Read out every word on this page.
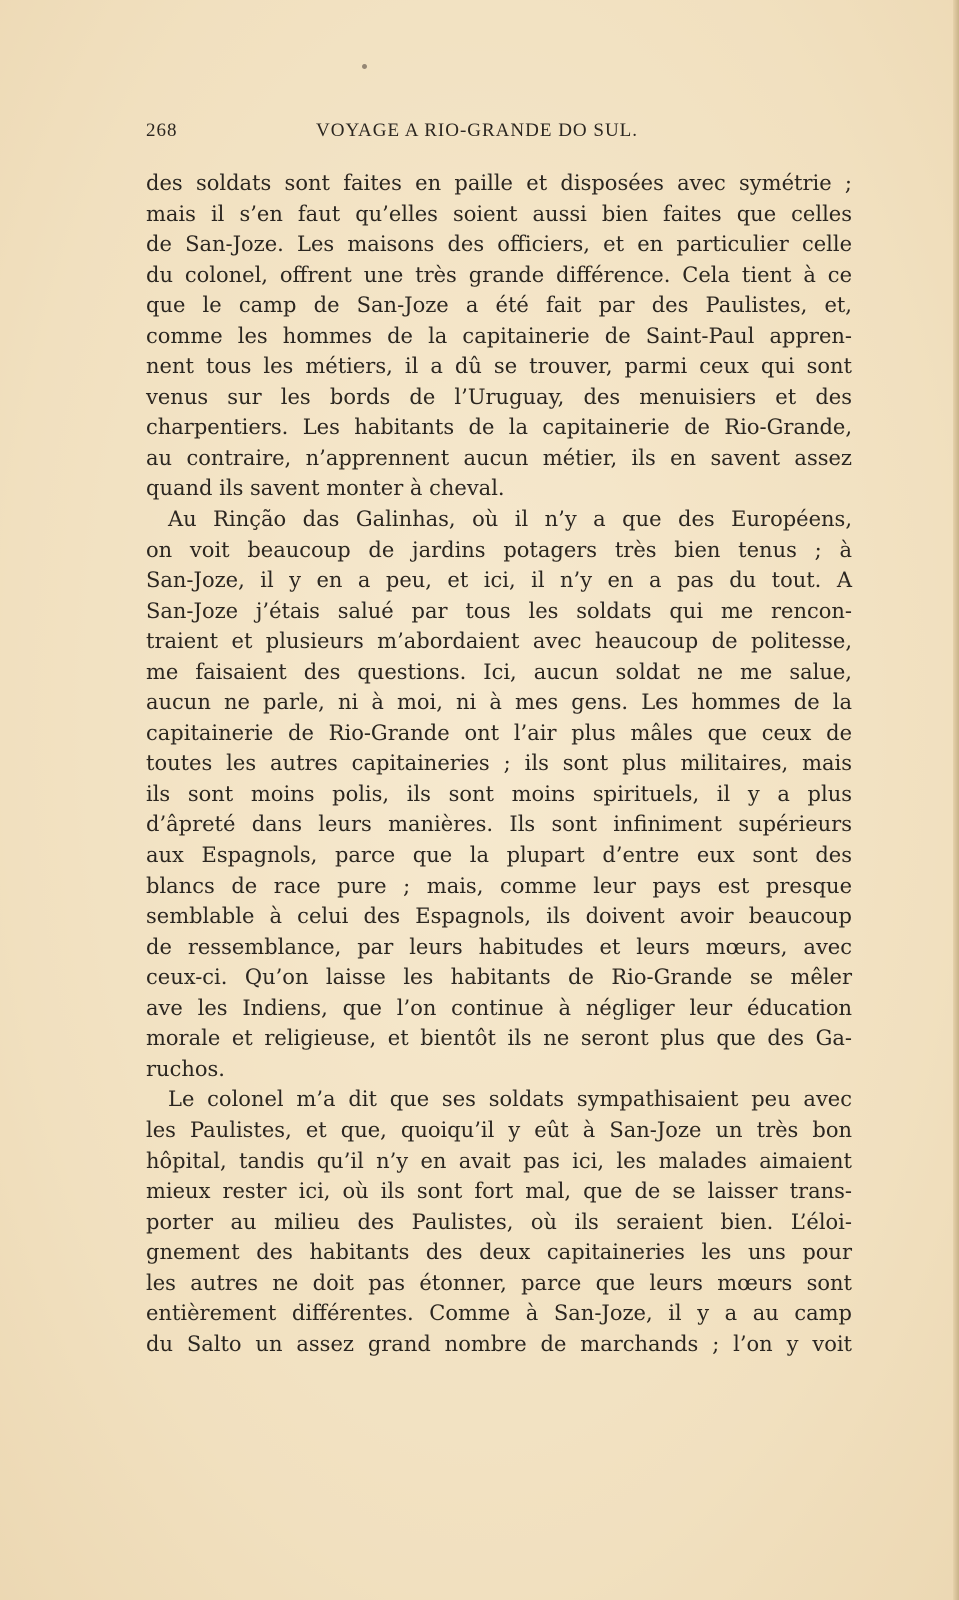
268	VOYAGE A RIO-GRANDE DO SUL.
des soldats sont faites en paille et disposées avec symétrie ;
mais il s’en faut qu’elles soient aussi bien faites que celles
de San-Joze. Les maisons des officiers, et en particulier celle
du colonel, offrent une très grande différence. Cela tient à ce
que le camp de San-Joze a été fait par des Paulistes, et,
comme les hommes de la capitainerie de Saint-Paul appren-
nent tous les métiers, il a dû se trouver, parmi ceux qui sont
venus sur les bords de l’Uruguay, des menuisiers et des
charpentiers. Les habitants de la capitainerie de Rio-Grande,
au contraire, n’apprennent aucun métier, ils en savent assez
quand ils savent monter à cheval.
Au Rinção das Galinhas, où il n’y a que des Européens,
on voit beaucoup de jardins potagers très bien tenus ; à
San-Joze, il y en a peu, et ici, il n’y en a pas du tout. A
San-Joze j’étais salué par tous les soldats qui me rencon-
traient et plusieurs m’abordaient avec heaucoup de politesse,
me faisaient des questions. Ici, aucun soldat ne me salue,
aucun ne parle, ni à moi, ni à mes gens. Les hommes de la
capitainerie de Rio-Grande ont l’air plus mâles que ceux de
toutes les autres capitaineries ; ils sont plus militaires, mais
ils sont moins polis, ils sont moins spirituels, il y a plus
d’âpreté dans leurs manières. Ils sont infiniment supérieurs
aux Espagnols, parce que la plupart d’entre eux sont des
blancs de race pure ; mais, comme leur pays est presque
semblable à celui des Espagnols, ils doivent avoir beaucoup
de ressemblance, par leurs habitudes et leurs mœurs, avec
ceux-ci. Qu’on laisse les habitants de Rio-Grande se mêler
ave les Indiens, que l’on continue à négliger leur éducation
morale et religieuse, et bientôt ils ne seront plus que des Ga-
ruchos.
Le colonel m’a dit que ses soldats sympathisaient peu avec
les Paulistes, et que, quoiqu’il y eût à San-Joze un très bon
hôpital, tandis qu’il n’y en avait pas ici, les malades aimaient
mieux rester ici, où ils sont fort mal, que de se laisser trans-
porter au milieu des Paulistes, où ils seraient bien. L’éloi-
gnement des habitants des deux capitaineries les uns pour
les autres ne doit pas étonner, parce que leurs mœurs sont
entièrement différentes. Comme à San-Joze, il y a au camp
du Salto un assez grand nombre de marchands ; l’on y voit
